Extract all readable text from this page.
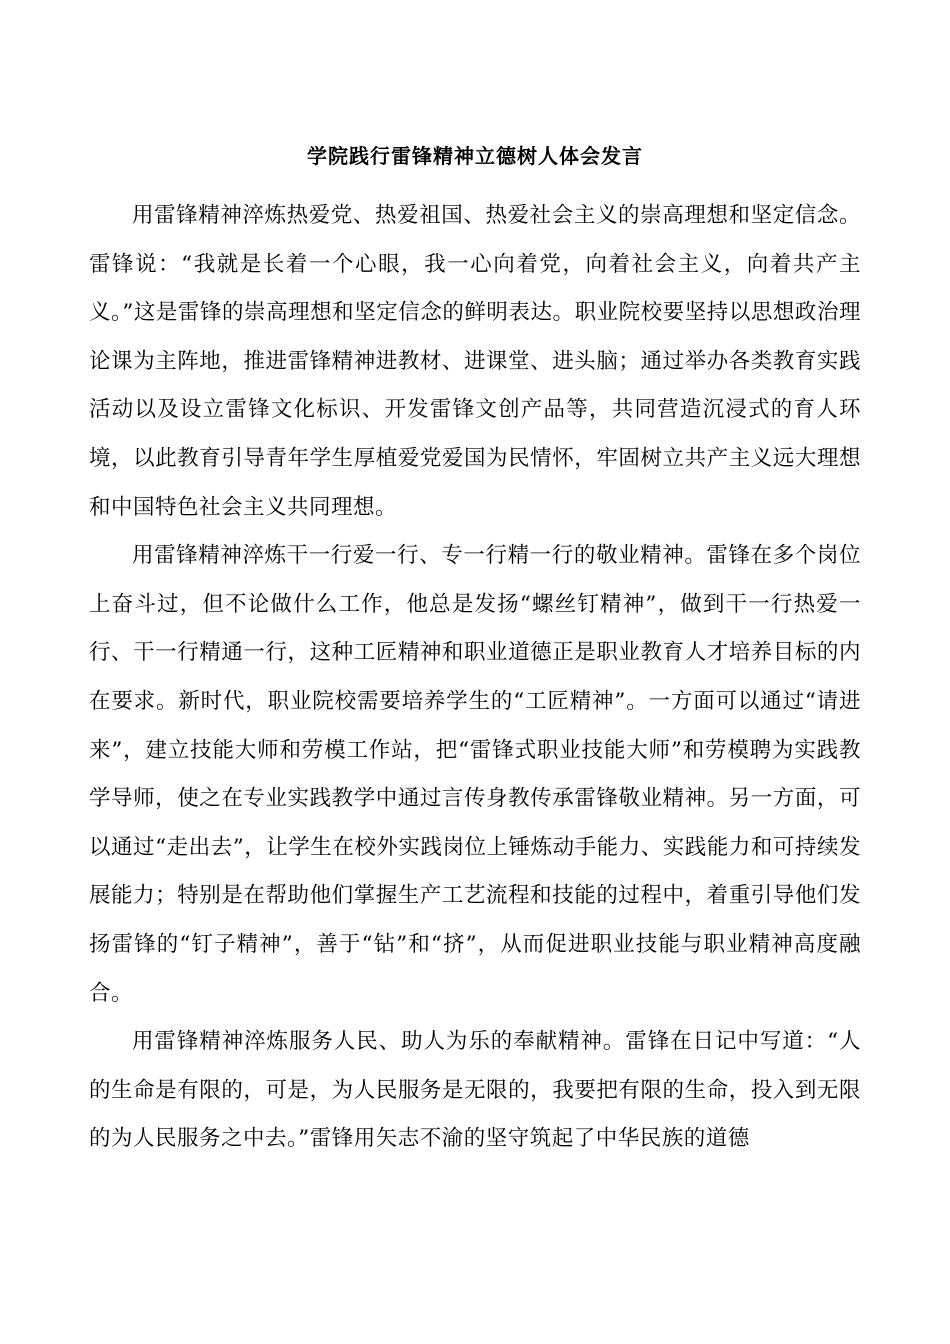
学院践行雷锋精神立德树人体会发言

用雷锋精神淬炼热爱党、热爱祖国、热爱社会主义的崇高理想和坚定信念。雷锋说：“我就是长着一个心眼，我一心向着党，向着社会主义，向着共产主义。”这是雷锋的崇高理想和坚定信念的鲜明表达。职业院校要坚持以思想政治理论课为主阵地，推进雷锋精神进教材、进课堂、进头脑；通过举办各类教育实践活动以及设立雷锋文化标识、开发雷锋文创产品等，共同营造沉浸式的育人环境，以此教育引导青年学生厚植爱党爱国为民情怀，牢固树立共产主义远大理想和中国特色社会主义共同理想。

用雷锋精神淬炼干一行爱一行、专一行精一行的敬业精神。雷锋在多个岗位上奋斗过，但不论做什么工作，他总是发扬“螺丝钉精神”，做到干一行热爱一行、干一行精通一行，这种工匠精神和职业道德正是职业教育人才培养目标的内在要求。新时代，职业院校需要培养学生的“工匠精神”。一方面可以通过“请进来”，建立技能大师和劳模工作站，把“雷锋式职业技能大师”和劳模聘为实践教学导师，使之在专业实践教学中通过言传身教传承雷锋敬业精神。另一方面，可以通过“走出去”，让学生在校外实践岗位上锤炼动手能力、实践能力和可持续发展能力；特别是在帮助他们掌握生产工艺流程和技能的过程中，着重引导他们发扬雷锋的“钉子精神”，善于“钻”和“挤”，从而促进职业技能与职业精神高度融合。

用雷锋精神淬炼服务人民、助人为乐的奉献精神。雷锋在日记中写道：“人的生命是有限的，可是，为人民服务是无限的，我要把有限的生命，投入到无限的为人民服务之中去。”雷锋用矢志不渝的坚守筑起了中华民族的道德
